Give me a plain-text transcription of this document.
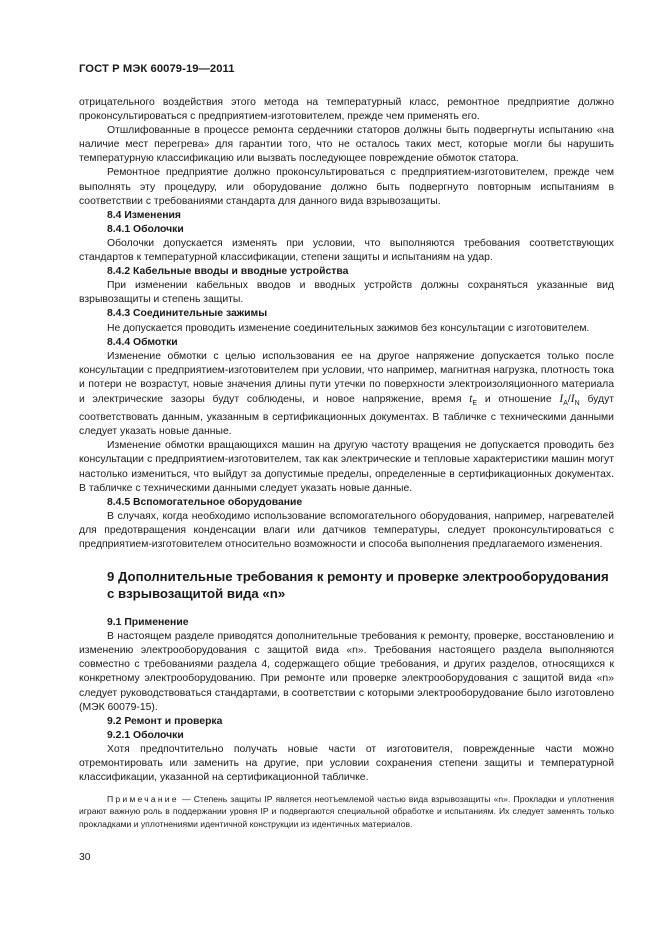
ГОСТ Р МЭК 60079-19—2011

отрицательного воздействия этого метода на температурный класс, ремонтное предприятие должно проконсультироваться с предприятием-изготовителем, прежде чем применять его.

Отшлифованные в процессе ремонта сердечники статоров должны быть подвергнуты испытанию «на наличие мест перегрева» для гарантии того, что не осталось таких мест, которые могли бы нарушить температурную классификацию или вызвать последующее повреждение обмоток статора.

Ремонтное предприятие должно проконсультироваться с предприятием-изготовителем, прежде чем выполнять эту процедуру, или оборудование должно быть подвергнуто повторным испытаниям в соответствии с требованиями стандарта для данного вида взрывозащиты.

8.4 Изменения

8.4.1 Оболочки

Оболочки допускается изменять при условии, что выполняются требования соответствующих стандартов к температурной классификации, степени защиты и испытаниям на удар.

8.4.2 Кабельные вводы и вводные устройства

При изменении кабельных вводов и вводных устройств должны сохраняться указанные вид взрывозащиты и степень защиты.

8.4.3 Соединительные зажимы

Не допускается проводить изменение соединительных зажимов без консультации с изготовителем.

8.4.4 Обмотки

Изменение обмотки с целью использования ее на другое напряжение допускается только после консультации с предприятием-изготовителем при условии, что например, магнитная нагрузка, плотность тока и потери не возрастут, новые значения длины пути утечки по поверхности электроизоляционного материала и электрические зазоры будут соблюдены, и новое напряжение, время $t_E$ и отношение $I_A/I_N$ будут соответствовать данным, указанным в сертификационных документах. В табличке с техническими данными следует указать новые данные.

Изменение обмотки вращающихся машин на другую частоту вращения не допускается проводить без консультации с предприятием-изготовителем, так как электрические и тепловые характеристики машин могут настолько измениться, что выйдут за допустимые пределы, определенные в сертификационных документах. В табличке с техническими данными следует указать новые данные.

8.4.5 Вспомогательное оборудование

В случаях, когда необходимо использование вспомогательного оборудования, например, нагревателей для предотвращения конденсации влаги или датчиков температуры, следует проконсультироваться с предприятием-изготовителем относительно возможности и способа выполнения предлагаемого изменения.

9 Дополнительные требования к ремонту и проверке электрооборудования с взрывозащитой вида «n»

9.1 Применение

В настоящем разделе приводятся дополнительные требования к ремонту, проверке, восстановлению и изменению электрооборудования с защитой вида «n». Требования настоящего раздела выполняются совместно с требованиями раздела 4, содержащего общие требования, и других разделов, относящихся к конкретному электрооборудованию. При ремонте или проверке электрооборудования с защитой вида «n» следует руководствоваться стандартами, в соответствии с которыми электрооборудование было изготовлено (МЭК 60079-15).

9.2 Ремонт и проверка

9.2.1 Оболочки

Хотя предпочтительно получать новые части от изготовителя, поврежденные части можно отремонтировать или заменить на другие, при условии сохранения степени защиты и температурной классификации, указанной на сертификационной табличке.

Примечание — Степень защиты IP является неотъемлемой частью вида взрывозащиты «n». Прокладки и уплотнения играют важную роль в поддержании уровня IP и подвергаются специальной обработке и испытаниям. Их следует заменять только прокладками и уплотнениями идентичной конструкции из идентичных материалов.

30
